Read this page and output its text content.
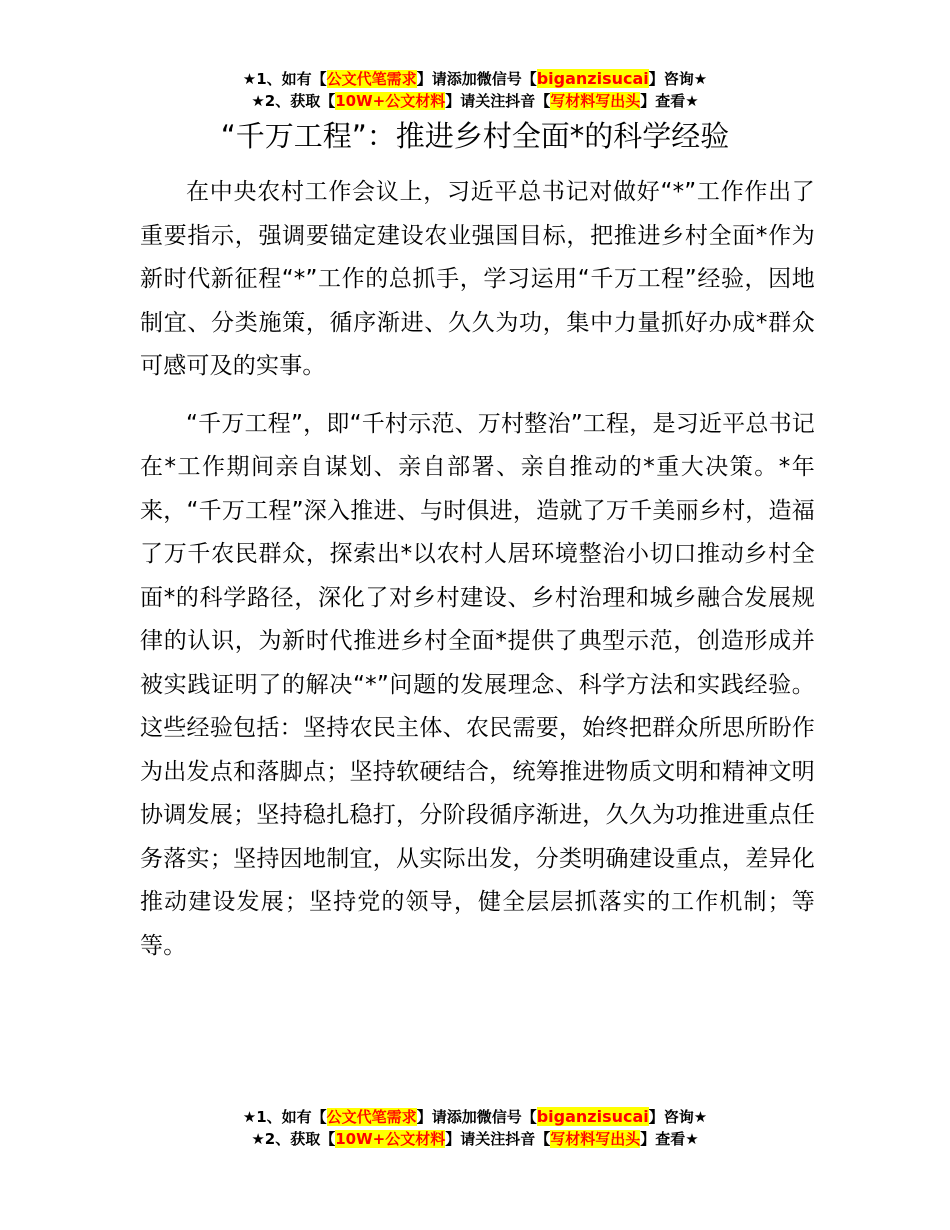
★1、如有【公文代笔需求】请添加微信号【biganzisucai】咨询★
★2、获取【10W+公文材料】请关注抖音【写材料写出头】查看★
“千万工程”：推进乡村全面*的科学经验

在中央农村工作会议上，习近平总书记对做好“*”工作作出了重要指示，强调要锚定建设农业强国目标，把推进乡村全面*作为新时代新征程“*”工作的总抓手，学习运用“千万工程”经验，因地制宜、分类施策，循序渐进、久久为功，集中力量抓好办成*群众可感可及的实事。

“千万工程”，即“千村示范、万村整治”工程，是习近平总书记在*工作期间亲自谋划、亲自部署、亲自推动的*重大决策。*年来，“千万工程”深入推进、与时俱进，造就了万千美丽乡村，造福了万千农民群众，探索出*以农村人居环境整治小切口推动乡村全面*的科学路径，深化了对乡村建设、乡村治理和城乡融合发展规律的认识，为新时代推进乡村全面*提供了典型示范，创造形成并被实践证明了的解决“*”问题的发展理念、科学方法和实践经验。这些经验包括：坚持农民主体、农民需要，始终把群众所思所盼作为出发点和落脚点；坚持软硬结合，统筹推进物质文明和精神文明协调发展；坚持稳扎稳打，分阶段循序渐进，久久为功推进重点任务落实；坚持因地制宜，从实际出发，分类明确建设重点，差异化推动建设发展；坚持党的领导，健全层层抓落实的工作机制；等等。

★1、如有【公文代笔需求】请添加微信号【biganzisucai】咨询★
★2、获取【10W+公文材料】请关注抖音【写材料写出头】查看★
